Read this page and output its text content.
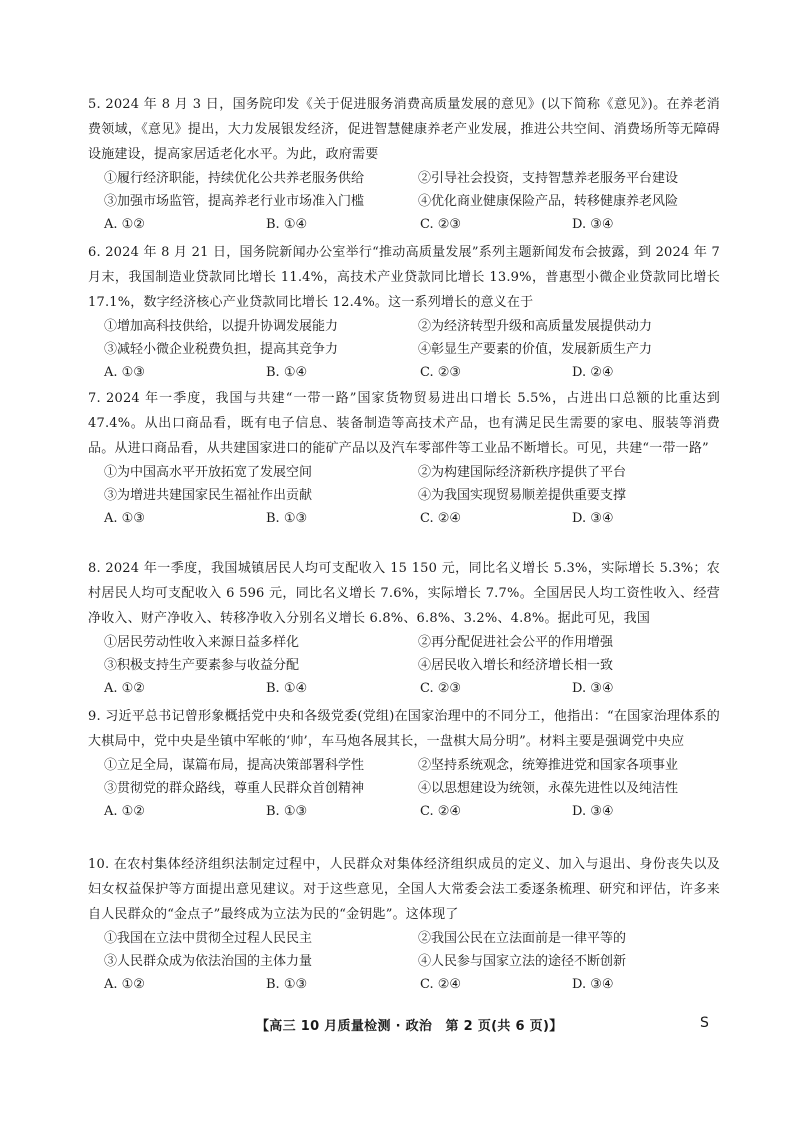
5. 2024 年 8 月 3 日，国务院印发《关于促进服务消费高质量发展的意见》(以下简称《意见》)。在养老消费领域，《意见》提出，大力发展银发经济，促进智慧健康养老产业发展，推进公共空间、消费场所等无障碍设施建设，提高家居适老化水平。为此，政府需要

①履行经济职能，持续优化公共养老服务供给	②引导社会投资，支持智慧养老服务平台建设
③加强市场监管，提高养老行业市场准入门槛	④优化商业健康保险产品，转移健康养老风险
A. ①②	B. ①④	C. ②③	D. ③④

6. 2024 年 8 月 21 日，国务院新闻办公室举行“推动高质量发展”系列主题新闻发布会披露，到 2024 年 7 月末，我国制造业贷款同比增长 11.4%，高技术产业贷款同比增长 13.9%，普惠型小微企业贷款同比增长 17.1%，数字经济核心产业贷款同比增长 12.4%。这一系列增长的意义在于

①增加高科技供给，以提升协调发展能力	②为经济转型升级和高质量发展提供动力
③减轻小微企业税费负担，提高其竞争力	④彰显生产要素的价值，发展新质生产力
A. ①③	B. ①④	C. ②③	D. ②④

7. 2024 年一季度，我国与共建“一带一路”国家货物贸易进出口增长 5.5%，占进出口总额的比重达到 47.4%。从出口商品看，既有电子信息、装备制造等高技术产品，也有满足民生需要的家电、服装等消费品。从进口商品看，从共建国家进口的能矿产品以及汽车零部件等工业品不断增长。可见，共建“一带一路”

①为中国高水平开放拓宽了发展空间	②为构建国际经济新秩序提供了平台
③为增进共建国家民生福祉作出贡献	④为我国实现贸易顺差提供重要支撑
A. ①③	B. ①③	C. ②④	D. ③④

8. 2024 年一季度，我国城镇居民人均可支配收入 15 150 元，同比名义增长 5.3%，实际增长 5.3%；农村居民人均可支配收入 6 596 元，同比名义增长 7.6%，实际增长 7.7%。全国居民人均工资性收入、经营净收入、财产净收入、转移净收入分别名义增长 6.8%、6.8%、3.2%、4.8%。据此可见，我国

①居民劳动性收入来源日益多样化	②再分配促进社会公平的作用增强
③积极支持生产要素参与收益分配	④居民收入增长和经济增长相一致
A. ①②	B. ①④	C. ②③	D. ③④

9. 习近平总书记曾形象概括党中央和各级党委(党组)在国家治理中的不同分工，他指出：“在国家治理体系的大棋局中，党中央是坐镇中军帐的‘帅’，车马炮各展其长，一盘棋大局分明”。材料主要是强调党中央应

①立足全局，谋篇布局，提高决策部署科学性	②坚持系统观念，统筹推进党和国家各项事业
③贯彻党的群众路线，尊重人民群众首创精神	④以思想建设为统领，永葆先进性以及纯洁性
A. ①②	B. ①③	C. ②④	D. ③④

10. 在农村集体经济组织法制定过程中，人民群众对集体经济组织成员的定义、加入与退出、身份丧失以及妇女权益保护等方面提出意见建议。对于这些意见，全国人大常委会法工委逐条梳理、研究和评估，许多来自人民群众的“金点子”最终成为立法为民的“金钥匙”。这体现了

①我国在立法中贯彻全过程人民民主	②我国公民在立法面前是一律平等的
③人民群众成为依法治国的主体力量	④人民参与国家立法的途径不断创新
A. ①②	B. ①③	C. ②④	D. ③④
【高三 10 月质量检测 · 政治　第 2 页(共 6 页)】	S
